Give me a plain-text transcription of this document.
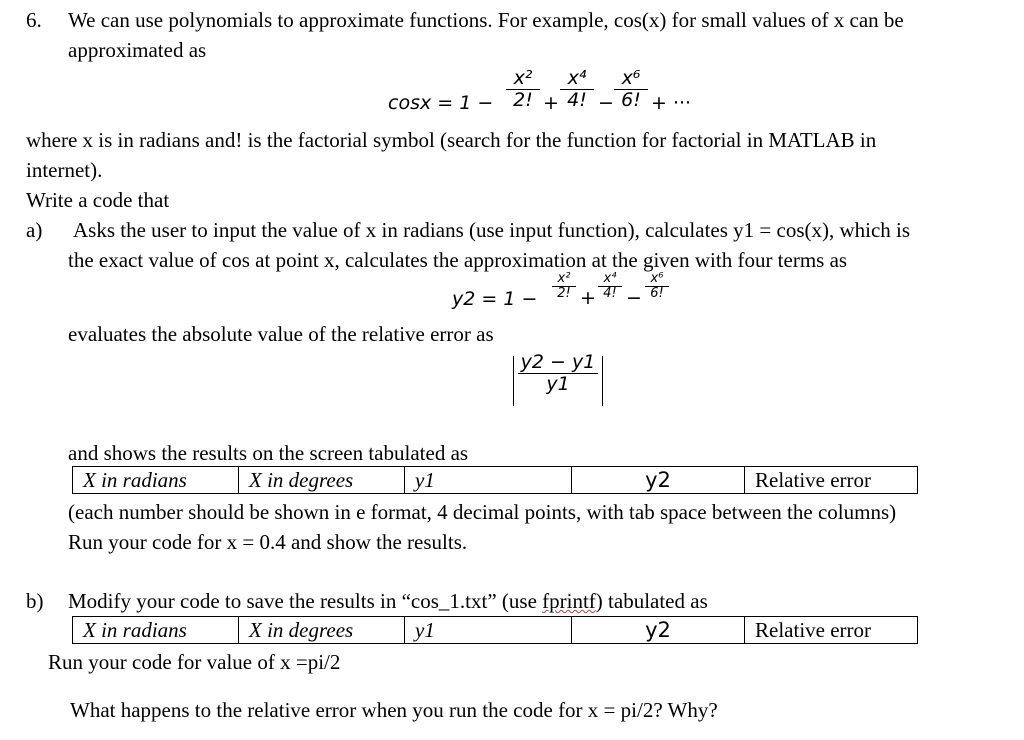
6. We can use polynomials to approximate functions. For example, cos(x) for small values of x can be
approximated as
cosx = 1 −
x²
2! +
x⁴
4! −
x⁶
6! + ···
where x is in radians and! is the factorial symbol (search for the function for factorial in MATLAB in
internet).
Write a code that
a) Asks the user to input the value of x in radians (use input function), calculates y1 = cos(x), which is
the exact value of cos at point x, calculates the approximation at the given with four terms as
y2 = 1 −
x²
2! +
x⁴
4! −
x⁶
6!
evaluates the absolute value of the relative error as
y2 − y1
y1
and shows the results on the screen tabulated as
X in radians	X in degrees	y1	y2	Relative error
(each number should be shown in e format, 4 decimal points, with tab space between the columns)
Run your code for x = 0.4 and show the results.
b) Modify your code to save the results in “cos_1.txt” (use fprintf) tabulated as
X in radians	X in degrees	y1	y2	Relative error
Run your code for value of x =pi/2
What happens to the relative error when you run the code for x = pi/2? Why?
